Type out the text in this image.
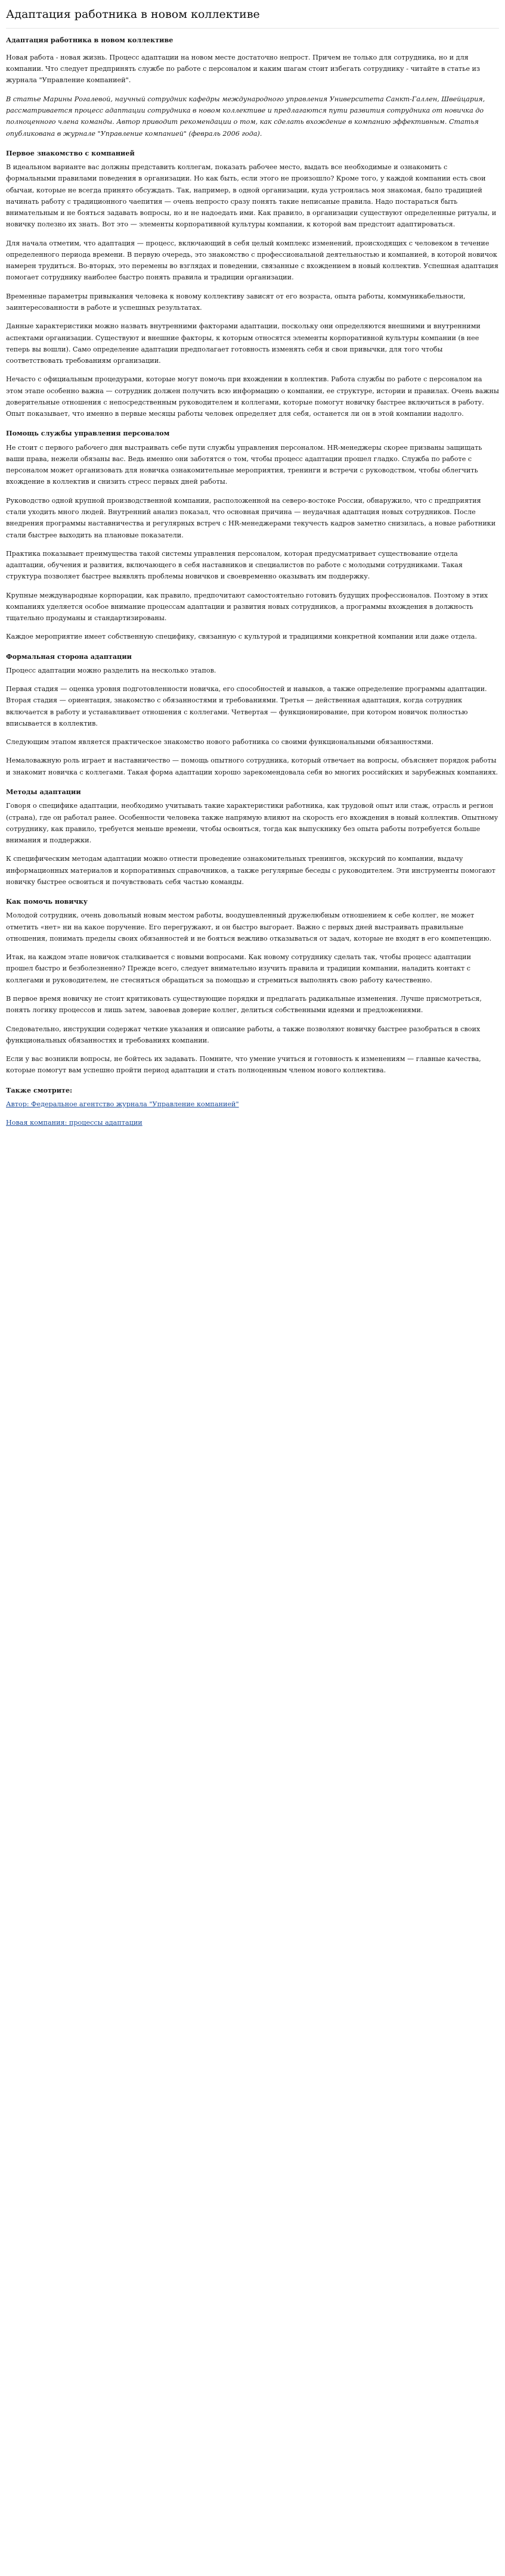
Адаптация работника в новом коллективе
Адаптация работника в новом коллективе

Новая работа - новая жизнь. Процесс адаптации на новом месте достаточно непрост. Причем не только для сотрудника, но и для компании. Что следует предпринять службе по работе с персоналом и каким шагам стоит избегать сотруднику - читайте в статье из журнала "Управление компанией".

В статье Марины Рогалевой, научный сотрудник кафедры международного управления Университета Санкт-Галлен, Швейцария, рассматривается процесс адаптации сотрудника в новом коллективе и предлагаются пути развития сотрудника от новичка до полноценного члена команды. Автор приводит рекомендации о том, как сделать вхождение в компанию эффективным. Статья опубликована в журнале "Управление компанией" (февраль 2006 года).

Первое знакомство с компанией

В идеальном варианте вас должны представить коллегам, показать рабочее место, выдать все необходимые и ознакомить с формальными правилами поведения в организации. Но как быть, если этого не произошло? Кроме того, у каждой компании есть свои обычаи, которые не всегда принято обсуждать. Так, например, в одной организации, куда устроилась моя знакомая, было традицией начинать работу с традиционного чаепития — очень непросто сразу понять такие неписаные правила. Надо постараться быть внимательным и не бояться задавать вопросы, но и не надоедать ими. Как правило, в организации существуют определенные ритуалы, и новичку полезно их знать. Вот это — элементы корпоративной культуры компании, к которой вам предстоит адаптироваться.

Для начала отметим, что адаптация — процесс, включающий в себя целый комплекс изменений, происходящих с человеком в течение определенного периода времени. В первую очередь, это знакомство с профессиональной деятельностью и компанией, в которой новичок намерен трудиться. Во-вторых, это перемены во взглядах и поведении, связанные с вхождением в новый коллектив. Успешная адаптация помогает сотруднику наиболее быстро понять правила и традиции организации.

Временные параметры привыкания человека к новому коллективу зависят от его возраста, опыта работы, коммуникабельности, заинтересованности в работе и успешных результатах.

Данные характеристики можно назвать внутренними факторами адаптации, поскольку они определяются внешними и внутренними аспектами организации. Существуют и внешние факторы, к которым относятся элементы корпоративной культуры компании (в нее теперь вы вошли). Само определение адаптации предполагает готовность изменять себя и свои привычки, для того чтобы соответствовать требованиям организации.

Нечасто с официальным процедурами, которые могут помочь при вхождении в коллектив. Работа службы по работе с персоналом на этом этапе особенно важна — сотрудник должен получить всю информацию о компании, ее структуре, истории и правилах. Очень важны доверительные отношения с непосредственным руководителем и коллегами, которые помогут новичку быстрее включиться в работу. Опыт показывает, что именно в первые месяцы работы человек определяет для себя, останется ли он в этой компании надолго.

Помощь службы управления персоналом

Не стоит с первого рабочего дня выстраивать себе пути службы управления персоналом. HR-менеджеры скорее призваны защищать ваши права, нежели обязаны вас. Ведь именно они заботятся о том, чтобы процесс адаптации прошел гладко. Служба по работе с персоналом может организовать для новичка ознакомительные мероприятия, тренинги и встречи с руководством, чтобы облегчить вхождение в коллектив и снизить стресс первых дней работы.

Руководство одной крупной производственной компании, расположенной на северо-востоке России, обнаружило, что с предприятия стали уходить много людей. Внутренний анализ показал, что основная причина — неудачная адаптация новых сотрудников. После внедрения программы наставничества и регулярных встреч с HR-менеджерами текучесть кадров заметно снизилась, а новые работники стали быстрее выходить на плановые показатели.

Практика показывает преимущества такой системы управления персоналом, которая предусматривает существование отдела адаптации, обучения и развития, включающего в себя наставников и специалистов по работе с молодыми сотрудниками. Такая структура позволяет быстрее выявлять проблемы новичков и своевременно оказывать им поддержку.

Крупные международные корпорации, как правило, предпочитают самостоятельно готовить будущих профессионалов. Поэтому в этих компаниях уделяется особое внимание процессам адаптации и развития новых сотрудников, а программы вхождения в должность тщательно продуманы и стандартизированы.

Каждое мероприятие имеет собственную специфику, связанную с культурой и традициями конкретной компании или даже отдела.

Формальная сторона адаптации

Процесс адаптации можно разделить на несколько этапов.

Первая стадия — оценка уровня подготовленности новичка, его способностей и навыков, а также определение программы адаптации. Вторая стадия — ориентация, знакомство с обязанностями и требованиями. Третья — действенная адаптация, когда сотрудник включается в работу и устанавливает отношения с коллегами. Четвертая — функционирование, при котором новичок полностью вписывается в коллектив.

Следующим этапом является практическое знакомство нового работника со своими функциональными обязанностями.

Немаловажную роль играет и наставничество — помощь опытного сотрудника, который отвечает на вопросы, объясняет порядок работы и знакомит новичка с коллегами. Такая форма адаптации хорошо зарекомендовала себя во многих российских и зарубежных компаниях.

Методы адаптации

Говоря о специфике адаптации, необходимо учитывать такие характеристики работника, как трудовой опыт или стаж, отрасль и регион (страна), где он работал ранее. Особенности человека также напрямую влияют на скорость его вхождения в новый коллектив. Опытному сотруднику, как правило, требуется меньше времени, чтобы освоиться, тогда как выпускнику без опыта работы потребуется больше внимания и поддержки.

К специфическим методам адаптации можно отнести проведение ознакомительных тренингов, экскурсий по компании, выдачу информационных материалов и корпоративных справочников, а также регулярные беседы с руководителем. Эти инструменты помогают новичку быстрее освоиться и почувствовать себя частью команды.

Как помочь новичку

Молодой сотрудник, очень довольный новым местом работы, воодушевленный дружелюбным отношением к себе коллег, не может отметить «нет» ни на какое поручение. Его перегружают, и он быстро выгорает. Важно с первых дней выстраивать правильные отношения, понимать пределы своих обязанностей и не бояться вежливо отказываться от задач, которые не входят в его компетенцию.

Итак, на каждом этапе новичок сталкивается с новыми вопросами. Как новому сотруднику сделать так, чтобы процесс адаптации прошел быстро и безболезненно? Прежде всего, следует внимательно изучить правила и традиции компании, наладить контакт с коллегами и руководителем, не стесняться обращаться за помощью и стремиться выполнять свою работу качественно.

В первое время новичку не стоит критиковать существующие порядки и предлагать радикальные изменения. Лучше присмотреться, понять логику процессов и лишь затем, завоевав доверие коллег, делиться собственными идеями и предложениями.

Следовательно, инструкции содержат четкие указания и описание работы, а также позволяют новичку быстрее разобраться в своих функциональных обязанностях и требованиях компании.

Если у вас возникли вопросы, не бойтесь их задавать. Помните, что умение учиться и готовность к изменениям — главные качества, которые помогут вам успешно пройти период адаптации и стать полноценным членом нового коллектива.

Также смотрите:

Автор: Федеральное агентство журнала "Управление компанией"

Новая компания: процессы адаптации
